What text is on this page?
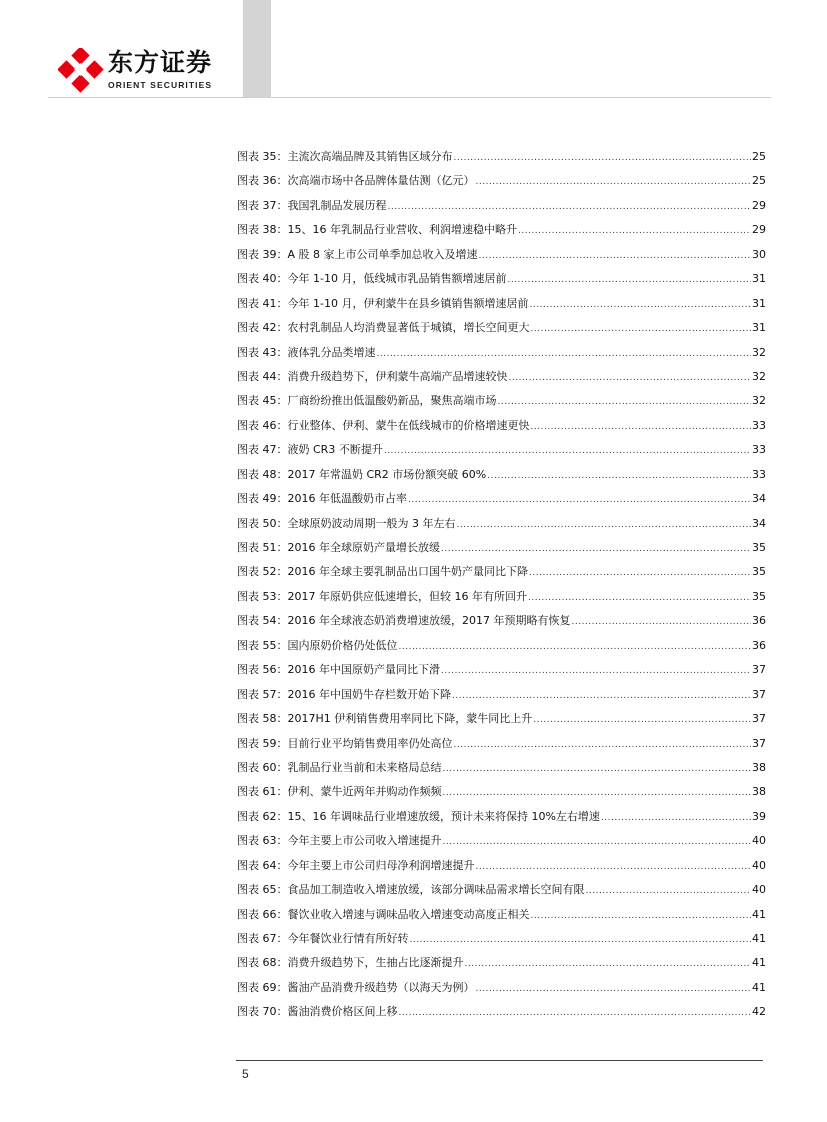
东方证券
ORIENT SECURITIES
图表 35： 主流次高端品牌及其销售区域分布 .....	25
图表 36： 次高端市场中各品牌体量估测（亿元） .....	25
图表 37： 我国乳制品发展历程 .....	29
图表 38： 15、16 年乳制品行业营收、利润增速稳中略升 .....	29
图表 39： A 股 8 家上市公司单季加总收入及增速 .....	30
图表 40： 今年 1-10 月，低线城市乳品销售额增速居前 .....	31
图表 41： 今年 1-10 月，伊利蒙牛在县乡镇销售额增速居前 .....	31
图表 42： 农村乳制品人均消费显著低于城镇，增长空间更大 .....	31
图表 43： 液体乳分品类增速 .....	32
图表 44： 消费升级趋势下，伊利蒙牛高端产品增速较快 .....	32
图表 45： 厂商纷纷推出低温酸奶新品，聚焦高端市场 .....	32
图表 46： 行业整体、伊利、蒙牛在低线城市的价格增速更快 .....	33
图表 47： 液奶 CR3 不断提升 .....	33
图表 48： 2017 年常温奶 CR2 市场份额突破 60% .....	33
图表 49： 2016 年低温酸奶市占率 .....	34
图表 50： 全球原奶波动周期一般为 3 年左右 .....	34
图表 51： 2016 年全球原奶产量增长放缓 .....	35
图表 52： 2016 年全球主要乳制品出口国牛奶产量同比下降 .....	35
图表 53： 2017 年原奶供应低速增长，但较 16 年有所回升 .....	35
图表 54： 2016 年全球液态奶消费增速放缓，2017 年预期略有恢复 .....	36
图表 55： 国内原奶价格仍处低位 .....	36
图表 56： 2016 年中国原奶产量同比下滑 .....	37
图表 57： 2016 年中国奶牛存栏数开始下降 .....	37
图表 58： 2017H1 伊利销售费用率同比下降，蒙牛同比上升 .....	37
图表 59： 目前行业平均销售费用率仍处高位 .....	37
图表 60： 乳制品行业当前和未来格局总结 .....	38
图表 61： 伊利、蒙牛近两年并购动作频频 .....	38
图表 62： 15、16 年调味品行业增速放缓，预计未来将保持 10%左右增速 .....	39
图表 63： 今年主要上市公司收入增速提升 .....	40
图表 64： 今年主要上市公司归母净利润增速提升 .....	40
图表 65： 食品加工制造收入增速放缓，该部分调味品需求增长空间有限 .....	40
图表 66： 餐饮业收入增速与调味品收入增速变动高度正相关 .....	41
图表 67： 今年餐饮业行情有所好转 .....	41
图表 68： 消费升级趋势下，生抽占比逐渐提升 .....	41
图表 69： 酱油产品消费升级趋势（以海天为例） .....	41
图表 70： 酱油消费价格区间上移 .....	42
5
